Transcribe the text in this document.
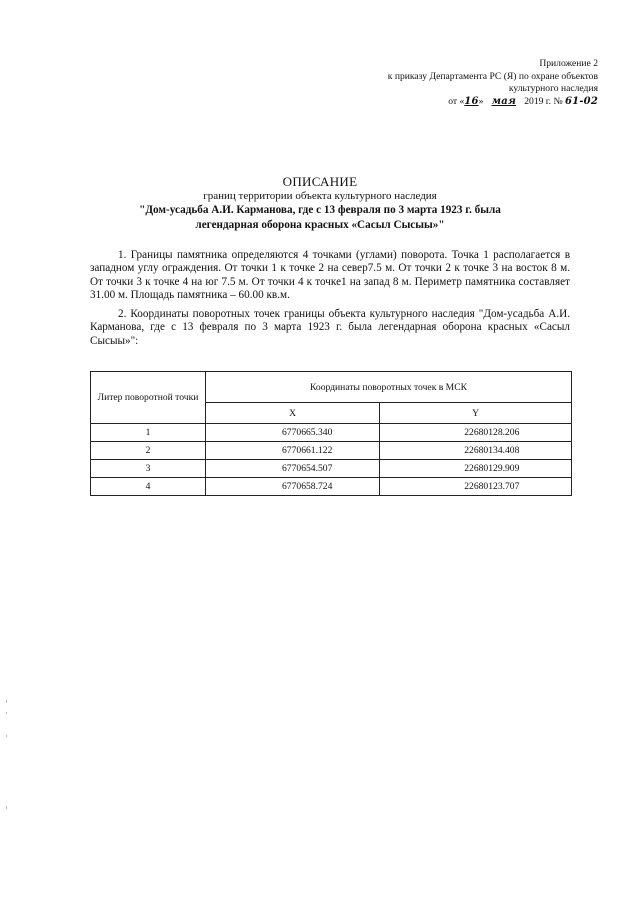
Приложение 2
к приказу Департамента РС (Я) по охране объектов
культурного наследия
от «16» мая 2019 г. № 61-02
ОПИСАНИЕ
границ территории объекта культурного наследия
"Дом-усадьба А.И. Карманова, где с 13 февраля по 3 марта 1923 г. была
легендарная оборона красных «Сасыл Сысыы»"
1. Границы памятника определяются 4 точками (углами) поворота. Точка 1 располагается в западном углу ограждения. От точки 1 к точке 2 на север7.5 м. От точки 2 к точке 3 на восток 8 м. От точки 3 к точке 4 на юг 7.5 м. От точки 4 к точке1 на запад 8 м. Периметр памятника составляет 31.00 м. Площадь памятника – 60.00 кв.м.
2. Координаты поворотных точек границы объекта культурного наследия "Дом-усадьба А.И. Карманова, где с 13 февраля по 3 марта 1923 г. была легендарная оборона красных «Сасыл Сысыы»":
Литер поворотной точки	Координаты поворотных точек в МСК	
	X	Y
1	6770665.340	22680128.206
2	6770661.122	22680134.408
3	6770654.507	22680129.909
4	6770658.724	22680123.707
